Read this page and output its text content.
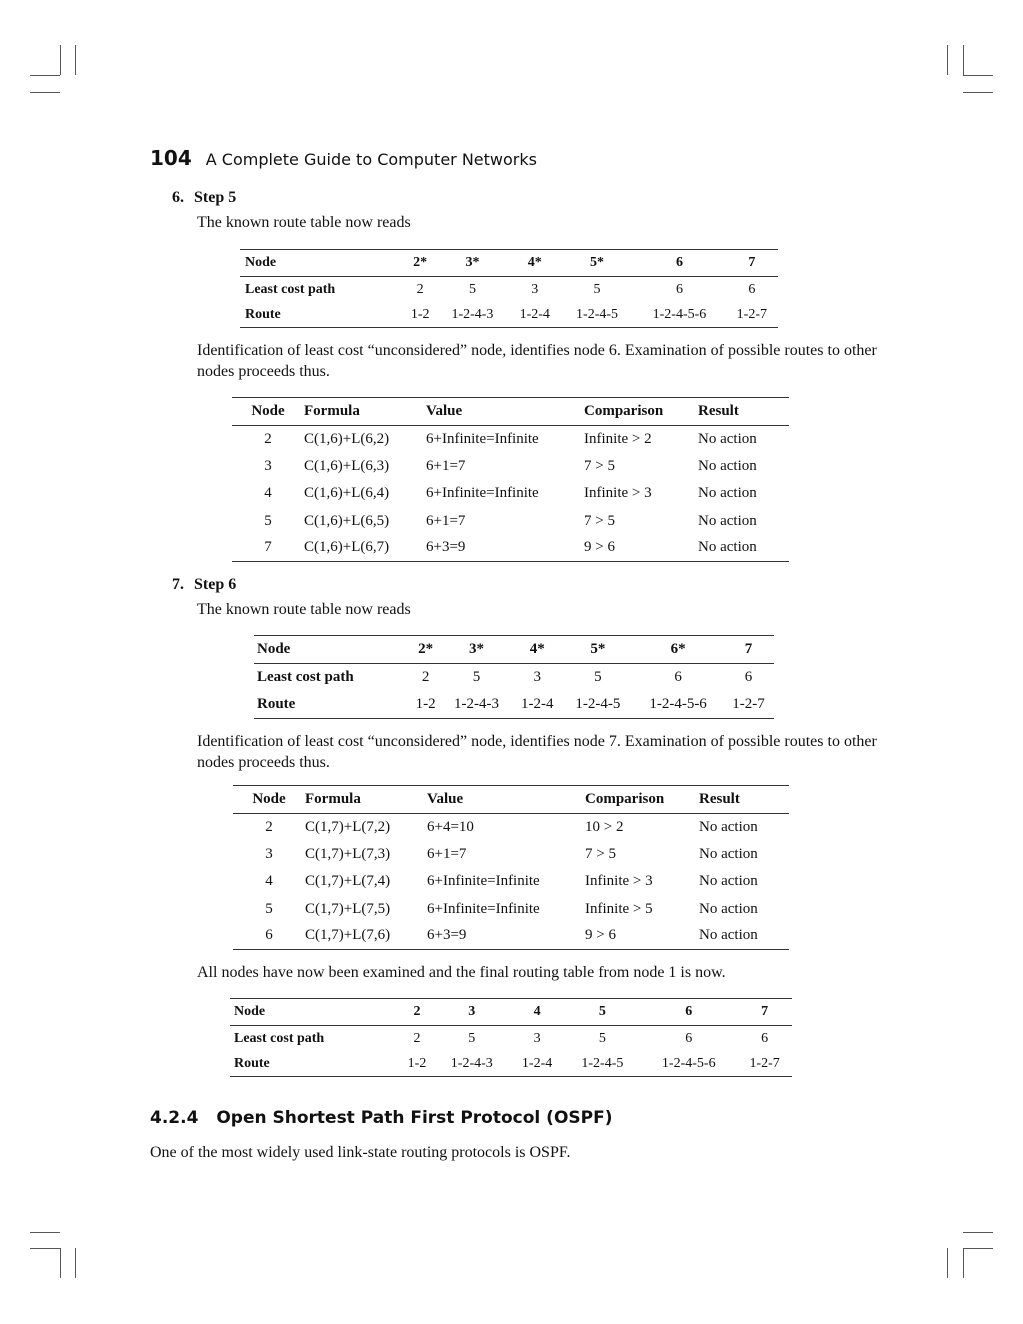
104 A Complete Guide to Computer Networks
6. Step 5
The known route table now reads
Node	2*	3*	4*	5*	6	7
Least cost path	2	5	3	5	6	6
Route	1-2	1-2-4-3	1-2-4	1-2-4-5	1-2-4-5-6	1-2-7
Identification of least cost “unconsidered” node, identifies node 6. Examination of possible routes to other nodes proceeds thus.
Node	Formula	Value	Comparison	Result
2	C(1,6)+L(6,2)	6+Infinite=Infinite	Infinite > 2	No action
3	C(1,6)+L(6,3)	6+1=7	7 > 5	No action
4	C(1,6)+L(6,4)	6+Infinite=Infinite	Infinite > 3	No action
5	C(1,6)+L(6,5)	6+1=7	7 > 5	No action
7	C(1,6)+L(6,7)	6+3=9	9 > 6	No action
7. Step 6
The known route table now reads
Node	2*	3*	4*	5*	6*	7
Least cost path	2	5	3	5	6	6
Route	1-2	1-2-4-3	1-2-4	1-2-4-5	1-2-4-5-6	1-2-7
Identification of least cost “unconsidered” node, identifies node 7. Examination of possible routes to other nodes proceeds thus.
Node	Formula	Value	Comparison	Result
2	C(1,7)+L(7,2)	6+4=10	10 > 2	No action
3	C(1,7)+L(7,3)	6+1=7	7 > 5	No action
4	C(1,7)+L(7,4)	6+Infinite=Infinite	Infinite > 3	No action
5	C(1,7)+L(7,5)	6+Infinite=Infinite	Infinite > 5	No action
6	C(1,7)+L(7,6)	6+3=9	9 > 6	No action
All nodes have now been examined and the final routing table from node 1 is now.
Node	2	3	4	5	6	7
Least cost path	2	5	3	5	6	6
Route	1-2	1-2-4-3	1-2-4	1-2-4-5	1-2-4-5-6	1-2-7
4.2.4 Open Shortest Path First Protocol (OSPF)
One of the most widely used link-state routing protocols is OSPF.
